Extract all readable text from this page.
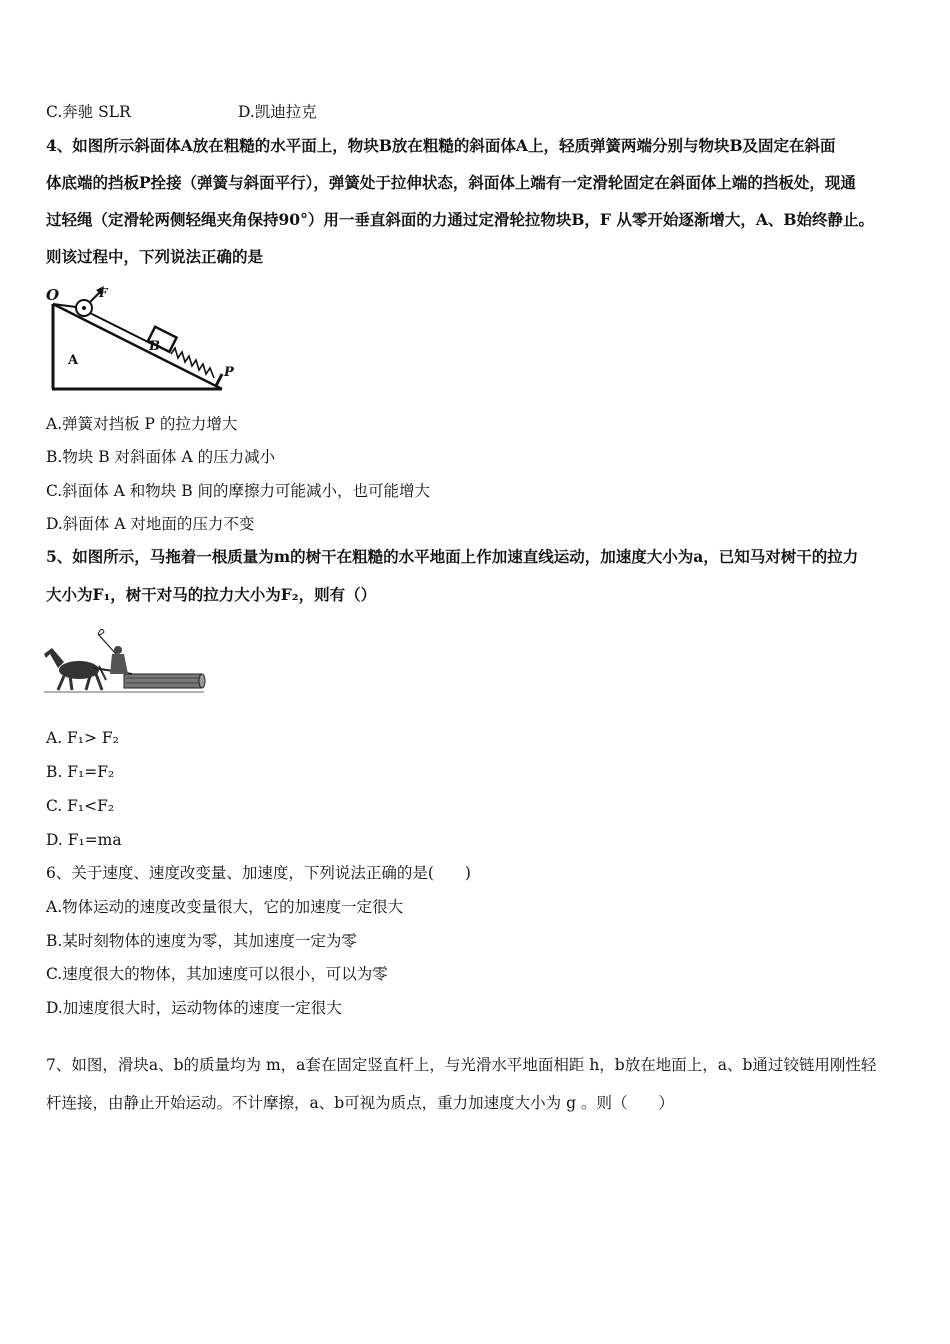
C.奔驰 SLR	D.凯迪拉克
4、如图所示斜面体A放在粗糙的水平面上，物块B放在粗糙的斜面体A上，轻质弹簧两端分别与物块B及固定在斜面
体底端的挡板P拴接（弹簧与斜面平行），弹簧处于拉伸状态，斜面体上端有一定滑轮固定在斜面体上端的挡板处，现通
过轻绳（定滑轮两侧轻绳夹角保持90°）用一垂直斜面的力通过定滑轮拉物块B，F 从零开始逐渐增大，A、B始终静止。
则该过程中，下列说法正确的是
O	F
B
A
P
A.弹簧对挡板 P 的拉力增大
B.物块 B 对斜面体 A 的压力减小
C.斜面体 A 和物块 B 间的摩擦力可能减小，也可能增大
D.斜面体 A 对地面的压力不变
5、如图所示，马拖着一根质量为m的树干在粗糙的水平地面上作加速直线运动，加速度大小为a，已知马对树干的拉力
大小为F₁，树干对马的拉力大小为F₂，则有（）
A. F₁> F₂
B. F₁=F₂
C. F₁<F₂
D. F₁=ma
6、关于速度、速度改变量、加速度，下列说法正确的是(　　)
A.物体运动的速度改变量很大，它的加速度一定很大
B.某时刻物体的速度为零，其加速度一定为零
C.速度很大的物体，其加速度可以很小，可以为零
D.加速度很大时，运动物体的速度一定很大
7、如图，滑块a、b的质量均为 m，a套在固定竖直杆上，与光滑水平地面相距 h，b放在地面上，a、b通过铰链用刚性轻
杆连接，由静止开始运动。不计摩擦，a、b可视为质点，重力加速度大小为 g 。则（　　）
